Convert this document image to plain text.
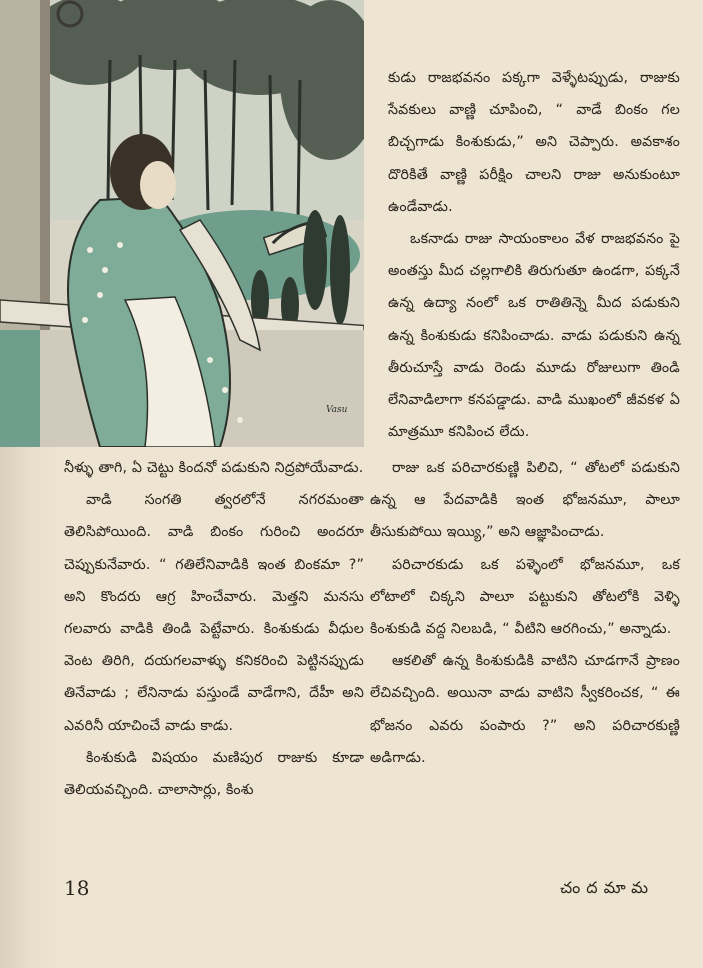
Vasu

కుడు రాజభవనం పక్కగా వెళ్ళేటప్పుడు, రాజుకు సేవకులు వాణ్ణి చూపించి, “ వాడే బింకం గల బిచ్చగాడు కింశుకుడు,” అని చెప్పారు. అవకాశం దొరికితే వాణ్ణి పరీక్షిం చాలని రాజు అనుకుంటూ ఉండేవాడు.

ఒకనాడు రాజు సాయంకాలం వేళ రాజభవనం పై అంతస్తు మీద చల్లగాలికి తిరుగుతూ ఉండగా, పక్కనే ఉన్న ఉద్యా నంలో ఒక రాతితిన్నె మీద పడుకుని ఉన్న కింశుకుడు కనిపించాడు. వాడు పడుకుని ఉన్న తీరుచూస్తే వాడు రెండు మూడు రోజులుగా తిండి లేనివాడిలాగా కనపడ్డాడు. వాడి ముఖంలో జీవకళ ఏ మాత్రమూ కనిపించ లేదు.

నీళ్ళు తాగి, ఏ చెట్టు కిందనో పడుకుని నిద్రపోయేవాడు.

వాడి సంగతి త్వరలోనే నగరమంతా తెలిసిపోయింది. వాడి బింకం గురించి అందరూ చెప్పుకునేవారు. “ గతిలేనివాడికి ఇంత బింకమా ?” అని కొందరు ఆగ్ర హించేవారు. మెత్తని మనసు గలవారు వాడికి తిండి పెట్టేవారు. కింశుకుడు వీధుల వెంట తిరిగి, దయగలవాళ్ళు కనికరించి పెట్టినప్పుడు తినేవాడు ; లేనినాడు పస్తుండే వాడేగాని, దేహీ అని ఎవరినీ యాచించే వాడు కాడు.

కింశుకుడి విషయం మణిపుర రాజుకు కూడా తెలియవచ్చింది. చాలాసార్లు, కింశు

రాజు ఒక పరిచారకుణ్ణి పిలిచి, “ తోటలో పడుకుని ఉన్న ఆ పేదవాడికి ఇంత భోజనమూ, పాలూ తీసుకుపోయి ఇయ్యి,” అని ఆజ్ఞాపించాడు.

పరిచారకుడు ఒక పళ్ళెంలో భోజనమూ, ఒక లోటాలో చిక్కని పాలూ పట్టుకుని తోటలోకి వెళ్ళి కింశుకుడి వద్ద నిలబడి, “ వీటిని ఆరగించు,” అన్నాడు.

ఆకలితో ఉన్న కింశుకుడికి వాటిని చూడగానే ప్రాణం లేచివచ్చింది. అయినా వాడు వాటిని స్వీకరించక, “ ఈ భోజనం ఎవరు పంపారు ?” అని పరిచారకుణ్ణి అడిగాడు.

18	చందమామ
